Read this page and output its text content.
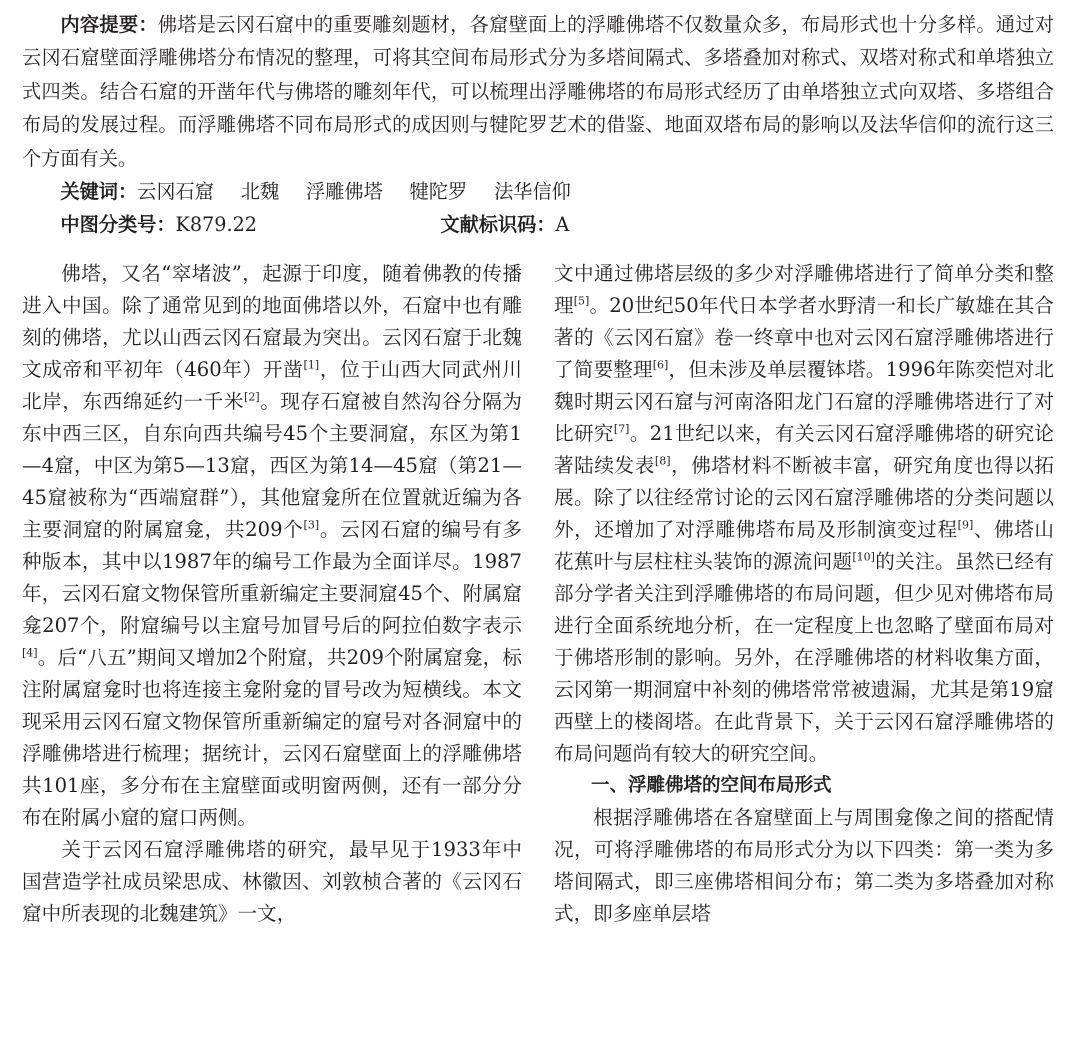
内容提要：佛塔是云冈石窟中的重要雕刻题材，各窟壁面上的浮雕佛塔不仅数量众多，布局形式也十分多样。通过对云冈石窟壁面浮雕佛塔分布情况的整理，可将其空间布局形式分为多塔间隔式、多塔叠加对称式、双塔对称式和单塔独立式四类。结合石窟的开凿年代与佛塔的雕刻年代，可以梳理出浮雕佛塔的布局形式经历了由单塔独立式向双塔、多塔组合布局的发展过程。而浮雕佛塔不同布局形式的成因则与犍陀罗艺术的借鉴、地面双塔布局的影响以及法华信仰的流行这三个方面有关。

关键词：云冈石窟 北魏 浮雕佛塔 犍陀罗 法华信仰

中图分类号：K879.22	文献标识码：A

佛塔，又名“窣堵波”，起源于印度，随着佛教的传播进入中国。除了通常见到的地面佛塔以外，石窟中也有雕刻的佛塔，尤以山西云冈石窟最为突出。云冈石窟于北魏文成帝和平初年（460年）开凿[1]，位于山西大同武州川北岸，东西绵延约一千米[2]。现存石窟被自然沟谷分隔为东中西三区，自东向西共编号45个主要洞窟，东区为第1—4窟，中区为第5—13窟，西区为第14—45窟（第21—45窟被称为“西端窟群”），其他窟龛所在位置就近编为各主要洞窟的附属窟龛，共209个[3]。云冈石窟的编号有多种版本，其中以1987年的编号工作最为全面详尽。1987年，云冈石窟文物保管所重新编定主要洞窟45个、附属窟龛207个，附窟编号以主窟号加冒号后的阿拉伯数字表示[4]。后“八五”期间又增加2个附窟，共209个附属窟龛，标注附属窟龛时也将连接主龛附龛的冒号改为短横线。本文现采用云冈石窟文物保管所重新编定的窟号对各洞窟中的浮雕佛塔进行梳理；据统计，云冈石窟壁面上的浮雕佛塔共101座，多分布在主窟壁面或明窗两侧，还有一部分分布在附属小窟的窟口两侧。

关于云冈石窟浮雕佛塔的研究，最早见于1933年中国营造学社成员梁思成、林徽因、刘敦桢合著的《云冈石窟中所表现的北魏建筑》一文，

文中通过佛塔层级的多少对浮雕佛塔进行了简单分类和整理[5]。20世纪50年代日本学者水野清一和长广敏雄在其合著的《云冈石窟》卷一终章中也对云冈石窟浮雕佛塔进行了简要整理[6]，但未涉及单层覆钵塔。1996年陈奕恺对北魏时期云冈石窟与河南洛阳龙门石窟的浮雕佛塔进行了对比研究[7]。21世纪以来，有关云冈石窟浮雕佛塔的研究论著陆续发表[8]，佛塔材料不断被丰富，研究角度也得以拓展。除了以往经常讨论的云冈石窟浮雕佛塔的分类问题以外，还增加了对浮雕佛塔布局及形制演变过程[9]、佛塔山花蕉叶与层柱柱头装饰的源流问题[10]的关注。虽然已经有部分学者关注到浮雕佛塔的布局问题，但少见对佛塔布局进行全面系统地分析，在一定程度上也忽略了壁面布局对于佛塔形制的影响。另外，在浮雕佛塔的材料收集方面，云冈第一期洞窟中补刻的佛塔常常被遗漏，尤其是第19窟西壁上的楼阁塔。在此背景下，关于云冈石窟浮雕佛塔的布局问题尚有较大的研究空间。

一、浮雕佛塔的空间布局形式

根据浮雕佛塔在各窟壁面上与周围龛像之间的搭配情况，可将浮雕佛塔的布局形式分为以下四类：第一类为多塔间隔式，即三座佛塔相间分布；第二类为多塔叠加对称式，即多座单层塔
